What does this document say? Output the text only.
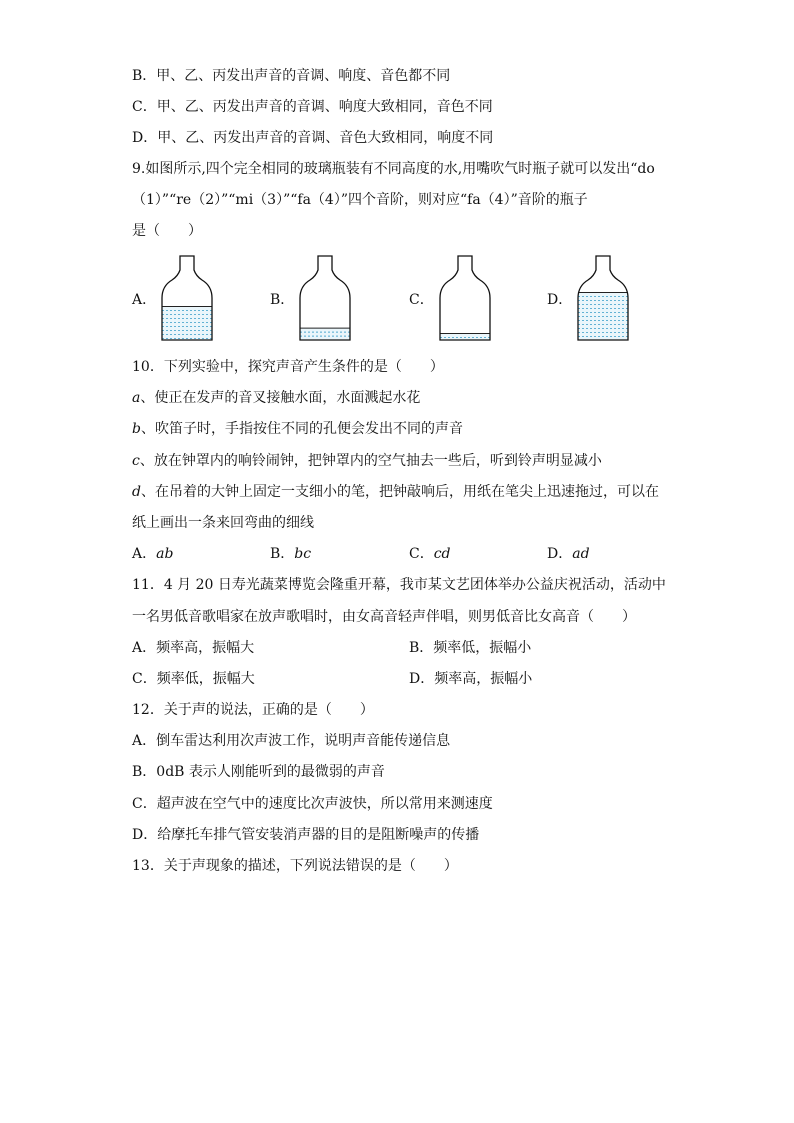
B．甲、乙、丙发出声音的音调、响度、音色都不同
C．甲、乙、丙发出声音的音调、响度大致相同，音色不同
D．甲、乙、丙发出声音的音调、音色大致相同，响度不同
9.如图所示,四个完全相同的玻璃瓶装有不同高度的水,用嘴吹气时瓶子就可以发出“do
（1）”“re（2）”“mi（3）”“fa（4）”四个音阶，则对应“fa（4）”音阶的瓶子
是（　　）
A．	B．	C．	D．
10．下列实验中，探究声音产生条件的是（　　）
a、使正在发声的音叉接触水面，水面溅起水花
b、吹笛子时，手指按住不同的孔便会发出不同的声音
c、放在钟罩内的响铃闹钟，把钟罩内的空气抽去一些后，听到铃声明显减小
d、在吊着的大钟上固定一支细小的笔，把钟敲响后，用纸在笔尖上迅速拖过，可以在
纸上画出一条来回弯曲的细线
A．ab	B．bc	C．cd	D．ad
11．4 月 20 日寿光蔬菜博览会隆重开幕，我市某文艺团体举办公益庆祝活动，活动中
一名男低音歌唱家在放声歌唱时，由女高音轻声伴唱，则男低音比女高音（　　）
A．频率高，振幅大	B．频率低，振幅小
C．频率低，振幅大	D．频率高，振幅小
12．关于声的说法，正确的是（　　）
A．倒车雷达利用次声波工作，说明声音能传递信息
B．0dB 表示人刚能听到的最微弱的声音
C．超声波在空气中的速度比次声波快，所以常用来测速度
D．给摩托车排气管安装消声器的目的是阻断噪声的传播
13．关于声现象的描述，下列说法错误的是（　　）
